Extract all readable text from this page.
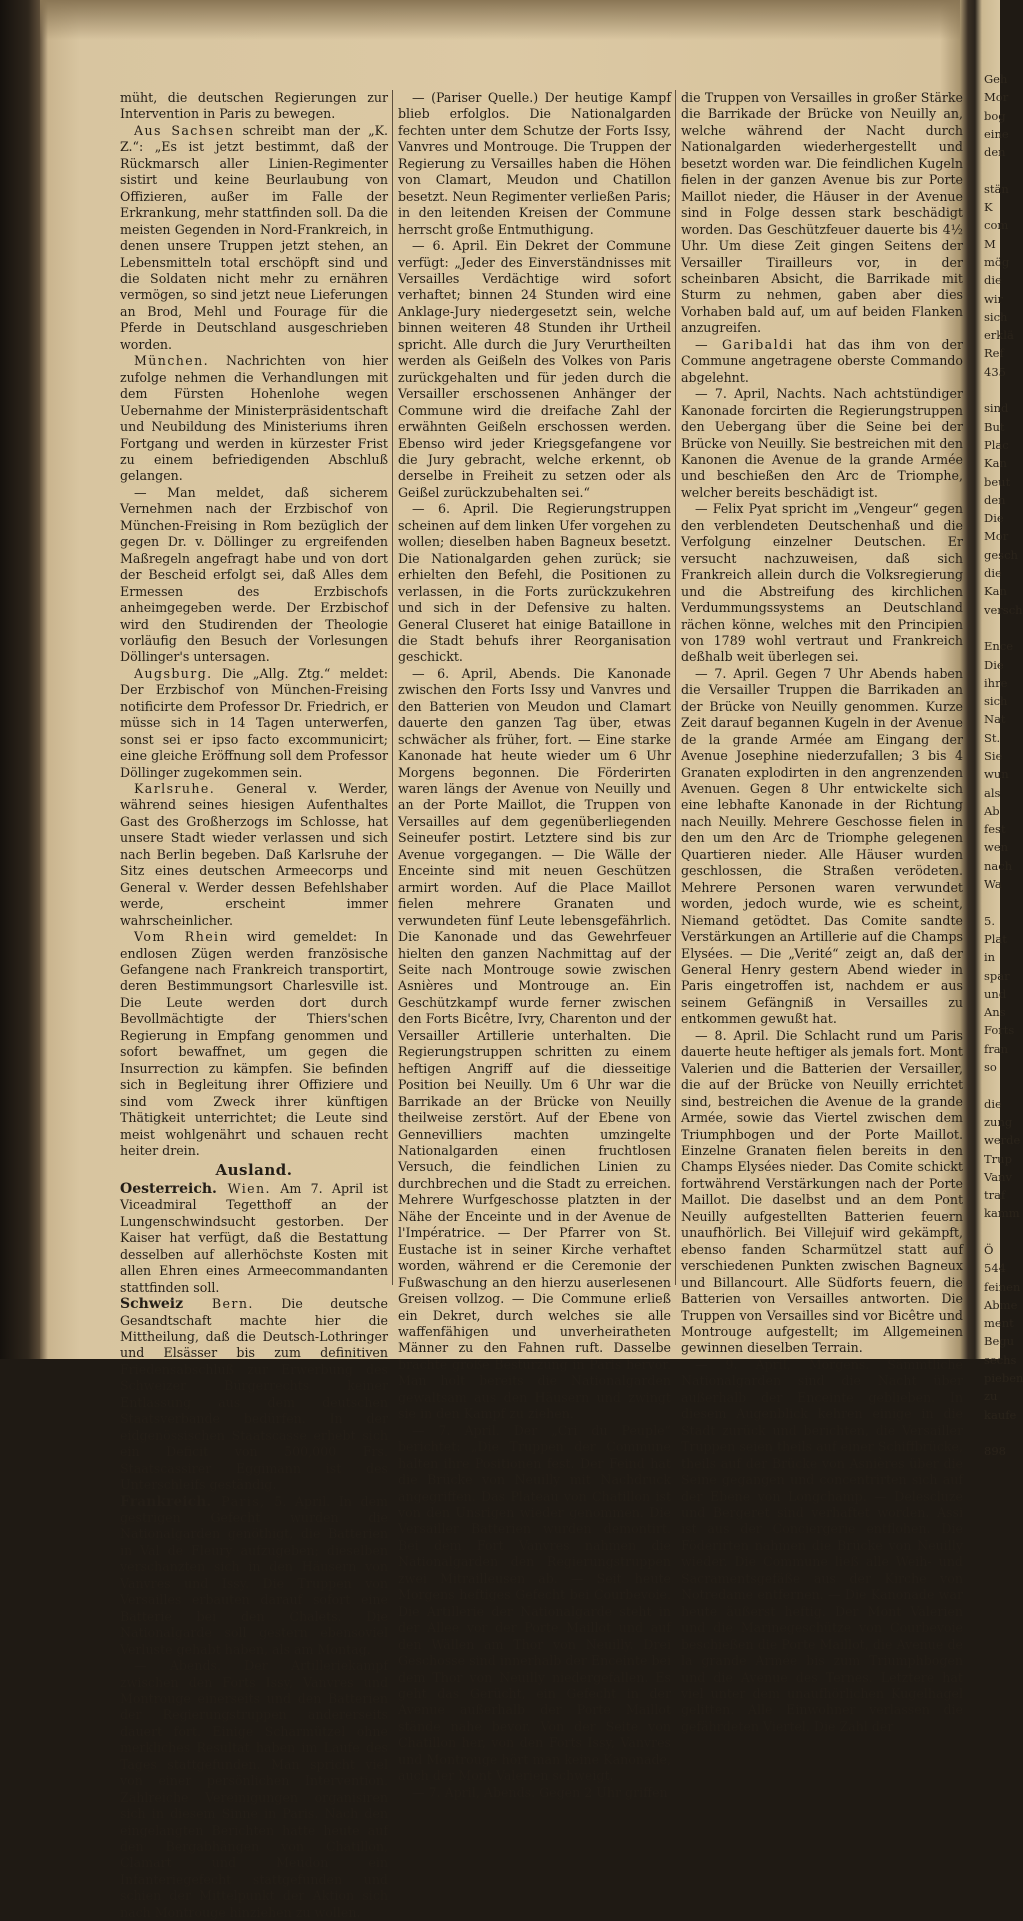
müht, die deutschen Regierungen zur Intervention in Paris zu bewegen.

Aus Sachsen schreibt man der „K. Z.“: „Es ist jetzt bestimmt, daß der Rückmarsch aller Linien-Regimenter sistirt und keine Beurlaubung von Offizieren, außer im Falle der Erkrankung, mehr stattfinden soll. Da die meisten Gegenden in Nord-Frankreich, in denen unsere Truppen jetzt stehen, an Lebensmitteln total erschöpft sind und die Soldaten nicht mehr zu ernähren vermögen, so sind jetzt neue Lieferungen an Brod, Mehl und Fourage für die Pferde in Deutschland ausgeschrieben worden.

München. Nachrichten von hier zufolge nehmen die Verhandlungen mit dem Fürsten Hohenlohe wegen Uebernahme der Ministerpräsidentschaft und Neubildung des Ministeriums ihren Fortgang und werden in kürzester Frist zu einem befriedigenden Abschluß gelangen.

— Man meldet, daß sicherem Vernehmen nach der Erzbischof von München-Freising in Rom bezüglich der gegen Dr. v. Döllinger zu ergreifenden Maßregeln angefragt habe und von dort der Bescheid erfolgt sei, daß Alles dem Ermessen des Erzbischofs anheimgegeben werde. Der Erzbischof wird den Studirenden der Theologie vorläufig den Besuch der Vorlesungen Döllinger's untersagen.

Augsburg. Die „Allg. Ztg.“ meldet: Der Erzbischof von München-Freising notificirte dem Professor Dr. Friedrich, er müsse sich in 14 Tagen unterwerfen, sonst sei er ipso facto excommunicirt; eine gleiche Eröffnung soll dem Professor Döllinger zugekommen sein.

Karlsruhe. General v. Werder, während seines hiesigen Aufenthaltes Gast des Großherzogs im Schlosse, hat unsere Stadt wieder verlassen und sich nach Berlin begeben. Daß Karlsruhe der Sitz eines deutschen Armeecorps und General v. Werder dessen Befehlshaber werde, erscheint immer wahrscheinlicher.

Vom Rhein wird gemeldet: In endlosen Zügen werden französische Gefangene nach Frankreich transportirt, deren Bestimmungsort Charlesville ist. Die Leute werden dort durch Bevollmächtigte der Thiers'schen Regierung in Empfang genommen und sofort bewaffnet, um gegen die Insurrection zu kämpfen. Sie befinden sich in Begleitung ihrer Offiziere und sind vom Zweck ihrer künftigen Thätigkeit unterrichtet; die Leute sind meist wohlgenährt und schauen recht heiter drein.

Ausland.

Oesterreich. Wien. Am 7. April ist Viceadmiral Tegetthoff an der Lungenschwindsucht gestorben. Der Kaiser hat verfügt, daß die Bestattung desselben auf allerhöchste Kosten mit allen Ehren eines Armeecommandanten stattfinden soll.

Schweiz Bern. Die deutsche Gesandtschaft machte hier die Mittheilung, daß die Deutsch-Lothringer und Elsässer bis zum definitiven Friedensabschluß zur Erwerbung des Schweizer Bürgerrechts keiner Entlassung aus dem deutschen Staatsverbande bedürfen. In der eidgenössischen Staatscasse erhebt sich ein Deficit von 500,000 Frs. Staatscassirer Eggimann ist des Unterschleifs geständig.

Frankreich. Paris, 5. April. In dem gestrigen Gefecht wurden die Nationalgarden genöthigt, die Batterien in Val de Fleury aufzugeben; dieselben verschanzten sich in den Häusern von Vanvres und Issy. Die Truppen von Versailles erbauten darauf sofort eine Batterie bei den Chalets. Die Nationalgarde soll gestern ebensoviel Verluste gehabt haben, als am Montag.

— Abends. Der Artilleriekampf zwischen den Forts Issy, Vanvres und Montrouge einerseits und den Batterien der Regierungstruppen andererseits dauert fort. Einige Scharmützel ohne merkliches Resultat haben im Laufe des Tages stattgefunden. Man spricht viel von einer persönlichen Intervention. Zahlreiche Vereinigungen organisiren sich in diesem Sinne in Paris. Nach den eingelangten Berichten hatte heute auf den Bergabhängen von Chatillon, Clamart und Meudon ein Infanteriegefecht stattgefunden und schien der Mittelpunkt der Aktion sich nach Montrouge hinziehen zu wollen.

— (Pariser Quelle.) Der heutige Kampf blieb erfolglos. Die Nationalgarden fechten unter dem Schutze der Forts Issy, Vanvres und Montrouge. Die Truppen der Regierung zu Versailles haben die Höhen von Clamart, Meudon und Chatillon besetzt. Neun Regimenter verließen Paris; in den leitenden Kreisen der Commune herrscht große Entmuthigung.

— 6. April. Ein Dekret der Commune verfügt: „Jeder des Einverständnisses mit Versailles Verdächtige wird sofort verhaftet; binnen 24 Stunden wird eine Anklage-Jury niedergesetzt sein, welche binnen weiteren 48 Stunden ihr Urtheil spricht. Alle durch die Jury Verurtheilten werden als Geißeln des Volkes von Paris zurückgehalten und für jeden durch die Versailler erschossenen Anhänger der Commune wird die dreifache Zahl der erwähnten Geißeln erschossen werden. Ebenso wird jeder Kriegsgefangene vor die Jury gebracht, welche erkennt, ob derselbe in Freiheit zu setzen oder als Geißel zurückzubehalten sei.“

— 6. April. Die Regierungstruppen scheinen auf dem linken Ufer vorgehen zu wollen; dieselben haben Bagneux besetzt. Die Nationalgarden gehen zurück; sie erhielten den Befehl, die Positionen zu verlassen, in die Forts zurückzukehren und sich in der Defensive zu halten. General Cluseret hat einige Bataillone in die Stadt behufs ihrer Reorganisation geschickt.

— 6. April, Abends. Die Kanonade zwischen den Forts Issy und Vanvres und den Batterien von Meudon und Clamart dauerte den ganzen Tag über, etwas schwächer als früher, fort. — Eine starke Kanonade hat heute wieder um 6 Uhr Morgens begonnen. Die Förderirten waren längs der Avenue von Neuilly und an der Porte Maillot, die Truppen von Versailles auf dem gegenüberliegenden Seineufer postirt. Letztere sind bis zur Avenue vorgegangen. — Die Wälle der Enceinte sind mit neuen Geschützen armirt worden. Auf die Place Maillot fielen mehrere Granaten und verwundeten fünf Leute lebensgefährlich. Die Kanonade und das Gewehrfeuer hielten den ganzen Nachmittag auf der Seite nach Montrouge sowie zwischen Asnières und Montrouge an. Ein Geschützkampf wurde ferner zwischen den Forts Bicêtre, Ivry, Charenton und der Versailler Artillerie unterhalten. Die Regierungstruppen schritten zu einem heftigen Angriff auf die diesseitige Position bei Neuilly. Um 6 Uhr war die Barrikade an der Brücke von Neuilly theilweise zerstört. Auf der Ebene von Gennevilliers machten umzingelte Nationalgarden einen fruchtlosen Versuch, die feindlichen Linien zu durchbrechen und die Stadt zu erreichen. Mehrere Wurfgeschosse platzten in der Nähe der Enceinte und in der Avenue de l'Impératrice. — Der Pfarrer von St. Eustache ist in seiner Kirche verhaftet worden, während er die Ceremonie der Fußwaschung an den hierzu auserlesenen Greisen vollzog. — Die Commune erließ ein Dekret, durch welches sie alle waffenfähigen und unverheiratheten Männer zu den Fahnen ruft. Dasselbe brachte große Bestürzung in Paris hervor. Man holt bereits die Nationalgarden gewaltsam aus den Häusern und zwingt sie in den Kampf zu ziehen.

— 7. April. Der „Cri du Peuple“ berichtet: „Die Truppen der Commune halten ihre Positionen fest. Der Feind hat die Brücke von Neuilly mit Nachdruck angegriffen. Das Plateau von Chatillon ist von den Unsrigen wieder genommen. Die Versailler Batterien wurden demontirt. Bei dem Fort Vanvres nahmen die Nationalgarden den Regierungstruppen zwei Mitrailleusen ab. — Seit heute Morgens heftiges Gefecht bei Courbevoie. Die Artillerie der Nationalgarde steht in der Allee vor der Porte Maillot und auf den Wällen am Thor von Neuilly. Drei Geschosse sind innerhalb der Enceinte bei dem Thor von Neuilly niedergefallen. Es geht das Gerücht, ein Gefecht in der Avenue außerhalb der Porte Maillot stände nahe bevor. Von der Seite von Chatillon her, von den Forts Issy, Vanvres und Montrouge hört man keine Kanonade, auch der Mont Valerien schweigt.

— 7. April, Abends. Gegen 2 Uhr griffen

die Truppen von Versailles in großer Stärke die Barrikade der Brücke von Neuilly an, welche während der Nacht durch Nationalgarden wiederhergestellt und besetzt worden war. Die feindlichen Kugeln fielen in der ganzen Avenue bis zur Porte Maillot nieder, die Häuser in der Avenue sind in Folge dessen stark beschädigt worden. Das Geschützfeuer dauerte bis 4½ Uhr. Um diese Zeit gingen Seitens der Versailler Tirailleurs vor, in der scheinbaren Absicht, die Barrikade mit Sturm zu nehmen, gaben aber dies Vorhaben bald auf, um auf beiden Flanken anzugreifen.

— Garibaldi hat das ihm von der Commune angetragene oberste Commando abgelehnt.

— 7. April, Nachts. Nach achtstündiger Kanonade forcirten die Regierungstruppen den Uebergang über die Seine bei der Brücke von Neuilly. Sie bestreichen mit den Kanonen die Avenue de la grande Armée und beschießen den Arc de Triomphe, welcher bereits beschädigt ist.

— Felix Pyat spricht im „Vengeur“ gegen den verblendeten Deutschenhaß und die Verfolgung einzelner Deutschen. Er versucht nachzuweisen, daß sich Frankreich allein durch die Volksregierung und die Abstreifung des kirchlichen Verdummungssystems an Deutschland rächen könne, welches mit den Principien von 1789 wohl vertraut und Frankreich deßhalb weit überlegen sei.

— 7. April. Gegen 7 Uhr Abends haben die Versailler Truppen die Barrikaden an der Brücke von Neuilly genommen. Kurze Zeit darauf begannen Kugeln in der Avenue de la grande Armée am Eingang der Avenue Josephine niederzufallen; 3 bis 4 Granaten explodirten in den angrenzenden Avenuen. Gegen 8 Uhr entwickelte sich eine lebhafte Kanonade in der Richtung nach Neuilly. Mehrere Geschosse fielen in den um den Arc de Triomphe gelegenen Quartieren nieder. Alle Häuser wurden geschlossen, die Straßen verödeten. Mehrere Personen waren verwundet worden, jedoch wurde, wie es scheint, Niemand getödtet. Das Comite sandte Verstärkungen an Artillerie auf die Champs Elysées. — Die „Verité“ zeigt an, daß der General Henry gestern Abend wieder in Paris eingetroffen ist, nachdem er aus seinem Gefängniß in Versailles zu entkommen gewußt hat.

— 8. April. Die Schlacht rund um Paris dauerte heute heftiger als jemals fort. Mont Valerien und die Batterien der Versailler, die auf der Brücke von Neuilly errichtet sind, bestreichen die Avenue de la grande Armée, sowie das Viertel zwischen dem Triumphbogen und der Porte Maillot. Einzelne Granaten fielen bereits in den Champs Elysées nieder. Das Comite schickt fortwährend Verstärkungen nach der Porte Maillot. Die daselbst und an dem Pont Neuilly aufgestellten Batterien feuern unaufhörlich. Bei Villejuif wird gekämpft, ebenso fanden Scharmützel statt auf verschiedenen Punkten zwischen Bagneux und Billancourt. Alle Südforts feuern, die Batterien von Versailles antworten. Die Truppen von Versailles sind vor Bicêtre und Montrouge aufgestellt; im Allgemeinen gewinnen dieselben Terrain.

— 9. April, Morgens. Sämmtliche Nationalgarden sind die Nacht über außerhalb der Enceinte geblieben. In diesem Augenblick kehren einige in die Stadt zurück und berichten, die Versailler Truppen seien theils auf einer Schiffbrücke, theils auf der Brücke von Asnières über die Seine gegangen und concentrirten sich auf der Ebene von Longchamp. — Delescluze und Bergeret sind verhaftet worden. Assi ist aus der Conciergerie entflohen. Die Föderirten nahmen die Brücke von Neuilly wieder. Die Commune ließ alle Weih- und Sacramentsgefäße aus der Kirche von Notredame entfernen. — Die Kanonade war heute äußerst heftig. Der Mont Valerien und die Marinegeschütze von Courbevoie beschießen die Porte Maillot, die Avenue de la grande Armée bis zum Triumphbogen und die Avenue des Ternes. Letztere hat viel unter dem unaufhörlichen Kugelhagel gelitten. Alle Einwohner verlassen die gefährdeten Viertel. Die Zahl der

Geh
Mor
bog
eine
den

stän
K
com
M
mög
die
wir
sich
erklä
Ref
435

sind
But
Plac
Kan
beut
den
Die
Mor
gesch
die
Kan
versch

Ence
Die
ihre
sich
Nat
St.
Sie
wun
als
Ab
fest
wen
nach
Wa

5.
Plat
in
spar
und
Ans
Forts
fran
so

die
zung
werde
Trup
Vanv
traf
kamm

Ö
544
feinen
Abme
ment
Begu
sechs
pieben
zu
kaufe

898
